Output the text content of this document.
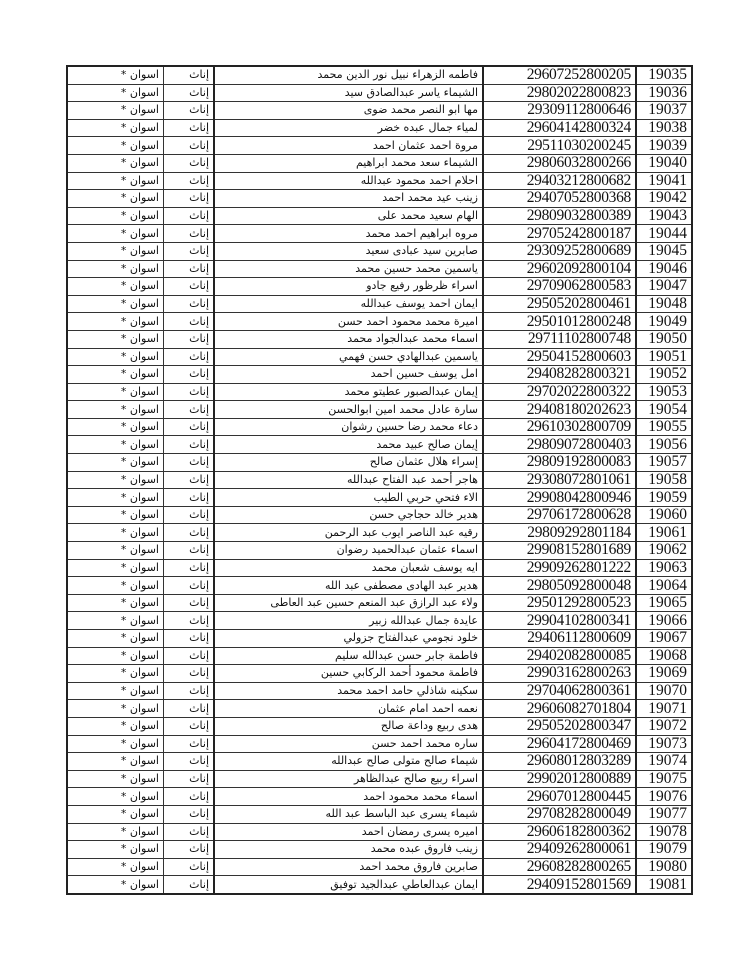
اسوان *	إناث	فاطمه الزهراء نبيل نور الدين محمد	29607252800205	19035
اسوان *	إناث	الشيماء ياسر عبدالصادق سيد	29802022800823	19036
اسوان *	إناث	مها ابو النصر محمد ضوى	29309112800646	19037
اسوان *	إناث	لمياء جمال عبده خضر	29604142800324	19038
اسوان *	إناث	مروة احمد عثمان احمد	29511030200245	19039
اسوان *	إناث	الشيماء سعد محمد ابراهيم	29806032800266	19040
اسوان *	إناث	احلام احمد محمود عبدالله	29403212800682	19041
اسوان *	إناث	زينب عيد محمد احمد	29407052800368	19042
اسوان *	إناث	الهام سعيد محمد على	29809032800389	19043
اسوان *	إناث	مروه ابراهيم احمد محمد	29705242800187	19044
اسوان *	إناث	صابرين سيد عبادى سعيد	29309252800689	19045
اسوان *	إناث	ياسمين محمد حسين محمد	29602092800104	19046
اسوان *	إناث	اسراء ظرظور رفيع جادو	29709062800583	19047
اسوان *	إناث	ايمان احمد يوسف عبدالله	29505202800461	19048
اسوان *	إناث	اميرة محمد محمود احمد حسن	29501012800248	19049
اسوان *	إناث	اسماء محمد عبدالجواد محمد	29711102800748	19050
اسوان *	إناث	ياسمين عبدالهادي حسن فهمي	29504152800603	19051
اسوان *	إناث	امل يوسف حسين احمد	29408282800321	19052
اسوان *	إناث	إيمان عبدالصبور عطيتو محمد	29702022800322	19053
اسوان *	إناث	سارة عادل محمد امين ابوالحسن	29408180202623	19054
اسوان *	إناث	دعاء محمد رضا حسين رشوان	29610302800709	19055
اسوان *	إناث	إيمان صالح عبيد محمد	29809072800403	19056
اسوان *	إناث	إسراء هلال عثمان صالح	29809192800083	19057
اسوان *	إناث	هاجر أحمد عبد الفتاح عبدالله	29308072801061	19058
اسوان *	إناث	الاء فتحي حربي الطيب	29908042800946	19059
اسوان *	إناث	هدير خالد حجاجي حسن	29706172800628	19060
اسوان *	إناث	رقيه عبد الناصر ايوب عبد الرحمن	29809292801184	19061
اسوان *	إناث	اسماء عثمان عبدالحميد رضوان	29908152801689	19062
اسوان *	إناث	ايه يوسف شعبان محمد	29909262801222	19063
اسوان *	إناث	هدير عبد الهادى مصطفى عبد الله	29805092800048	19064
اسوان *	إناث	ولاء عبد الرازق عبد المنعم حسين عبد العاطى	29501292800523	19065
اسوان *	إناث	عايدة جمال عبدالله زبير	29904102800341	19066
اسوان *	إناث	خلود نجومي عبدالفتاح جزولي	29406112800609	19067
اسوان *	إناث	فاطمة جابر حسن عبدالله سليم	29402082800085	19068
اسوان *	إناث	فاطمة محمود أحمد الركابي حسين	29903162800263	19069
اسوان *	إناث	سكينه شاذلي حامد احمد محمد	29704062800361	19070
اسوان *	إناث	نعمه احمد امام عثمان	29606082701804	19071
اسوان *	إناث	هدى ربيع وداعة صالح	29505202800347	19072
اسوان *	إناث	ساره محمد احمد حسن	29604172800469	19073
اسوان *	إناث	شيماء صالح متولى صالح عبدالله	29608012803289	19074
اسوان *	إناث	اسراء ربيع صالح عبدالظاهر	29902012800889	19075
اسوان *	إناث	اسماء محمد محمود احمد	29607012800445	19076
اسوان *	إناث	شيماء يسرى عبد الباسط عبد الله	29708282800049	19077
اسوان *	إناث	اميره يسرى رمضان احمد	29606182800362	19078
اسوان *	إناث	زينب فاروق عبده محمد	29409262800061	19079
اسوان *	إناث	صابرين فاروق محمد احمد	29608282800265	19080
اسوان *	إناث	ايمان عبدالعاطي عبدالجيد توفيق	29409152801569	19081
